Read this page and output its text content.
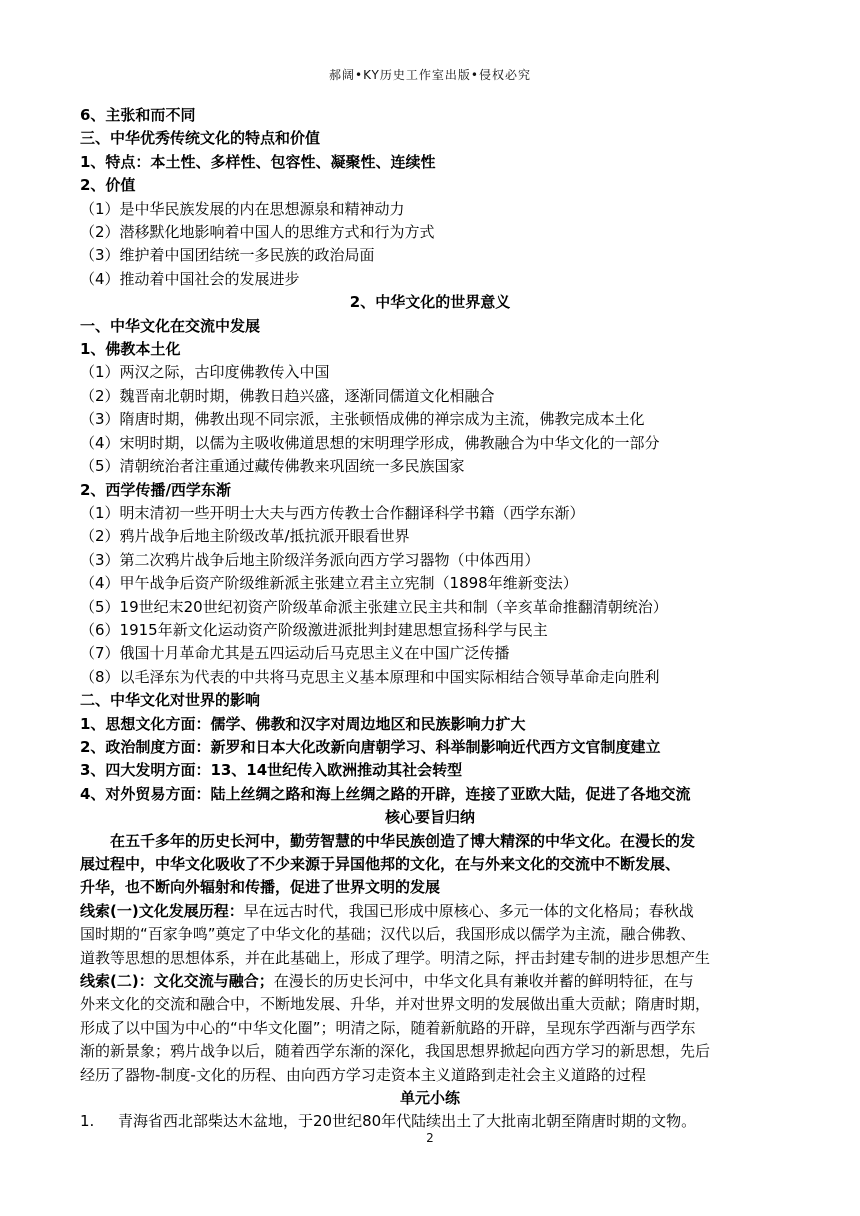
郝阔•KY历史工作室出版•侵权必究
6、主张和而不同
三、中华优秀传统文化的特点和价值
1、特点：本土性、多样性、包容性、凝聚性、连续性
2、价值
（1）是中华民族发展的内在思想源泉和精神动力
（2）潜移默化地影响着中国人的思维方式和行为方式
（3）维护着中国团结统一多民族的政治局面
（4）推动着中国社会的发展进步
2、中华文化的世界意义
一、中华文化在交流中发展
1、佛教本土化
（1）两汉之际，古印度佛教传入中国
（2）魏晋南北朝时期，佛教日趋兴盛，逐渐同儒道文化相融合
（3）隋唐时期，佛教出现不同宗派，主张顿悟成佛的禅宗成为主流，佛教完成本土化
（4）宋明时期，以儒为主吸收佛道思想的宋明理学形成，佛教融合为中华文化的一部分
（5）清朝统治者注重通过藏传佛教来巩固统一多民族国家
2、西学传播/西学东渐
（1）明末清初一些开明士大夫与西方传教士合作翻译科学书籍（西学东渐）
（2）鸦片战争后地主阶级改革/抵抗派开眼看世界
（3）第二次鸦片战争后地主阶级洋务派向西方学习器物（中体西用）
（4）甲午战争后资产阶级维新派主张建立君主立宪制（1898年维新变法）
（5）19世纪末20世纪初资产阶级革命派主张建立民主共和制（辛亥革命推翻清朝统治）
（6）1915年新文化运动资产阶级激进派批判封建思想宣扬科学与民主
（7）俄国十月革命尤其是五四运动后马克思主义在中国广泛传播
（8）以毛泽东为代表的中共将马克思主义基本原理和中国实际相结合领导革命走向胜利
二、中华文化对世界的影响
1、思想文化方面：儒学、佛教和汉字对周边地区和民族影响力扩大
2、政治制度方面：新罗和日本大化改新向唐朝学习、科举制影响近代西方文官制度建立
3、四大发明方面：13、14世纪传入欧洲推动其社会转型
4、对外贸易方面：陆上丝绸之路和海上丝绸之路的开辟，连接了亚欧大陆，促进了各地交流
核心要旨归纳
在五千多年的历史长河中，勤劳智慧的中华民族创造了博大精深的中华文化。在漫长的发
展过程中，中华文化吸收了不少来源于异国他邦的文化，在与外来文化的交流中不断发展、
升华，也不断向外辐射和传播，促进了世界文明的发展
线索(一)文化发展历程：早在远古时代，我国已形成中原核心、多元一体的文化格局；春秋战
国时期的“百家争鸣”奠定了中华文化的基础；汉代以后，我国形成以儒学为主流，融合佛教、
道教等思想的思想体系，并在此基础上，形成了理学。明清之际，抨击封建专制的进步思想产生
线索(二)：文化交流与融合；在漫长的历史长河中，中华文化具有兼收并蓄的鲜明特征，在与
外来文化的交流和融合中，不断地发展、升华，并对世界文明的发展做出重大贡献；隋唐时期，
形成了以中国为中心的“中华文化圈”；明清之际，随着新航路的开辟，呈现东学西渐与西学东
渐的新景象；鸦片战争以后，随着西学东渐的深化，我国思想界掀起向西方学习的新思想，先后
经历了器物-制度-文化的历程、由向西方学习走资本主义道路到走社会主义道路的过程
单元小练
1.	青海省西北部柴达木盆地，于20世纪80年代陆续出土了大批南北朝至隋唐时期的文物。
2
